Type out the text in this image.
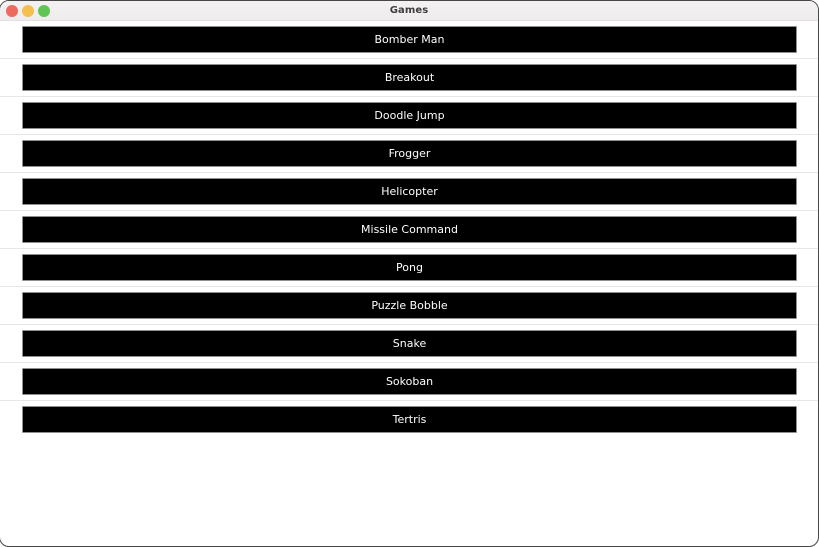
Games
Bomber Man
Breakout
Doodle Jump
Frogger
Helicopter
Missile Command
Pong
Puzzle Bobble
Snake
Sokoban
Tertris
